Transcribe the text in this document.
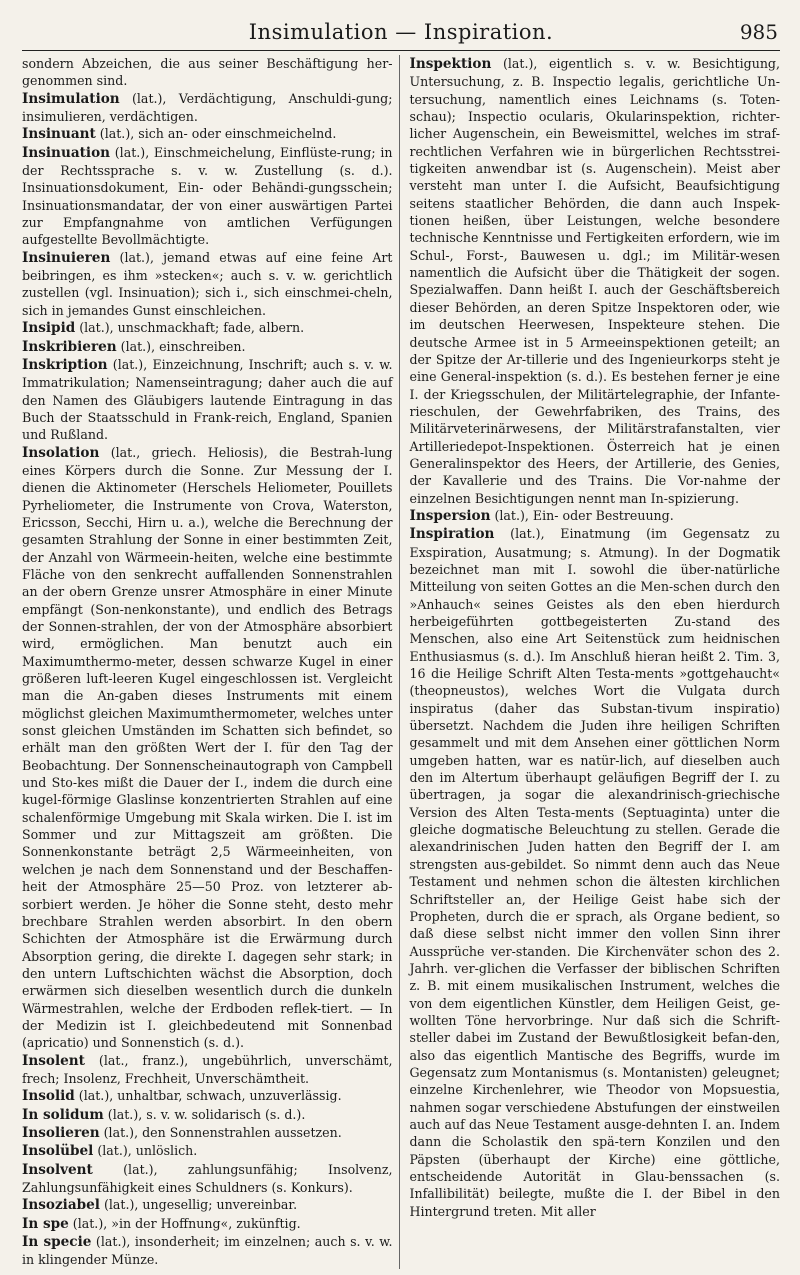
Insimulation — Inspiration.	985

sondern Abzeichen, die aus seiner Beschäftigung her-genommen sind.

Insimulation (lat.), Verdächtigung, Anschuldi-gung; insimulieren, verdächtigen.

Insinuant (lat.), sich an- oder einschmeichelnd.

Insinuation (lat.), Einschmeichelung, Einflüste-rung; in der Rechtssprache s. v. w. Zustellung (s. d.). Insinuationsdokument, Ein- oder Behändi-gungsschein; Insinuationsmandatar, der von einer auswärtigen Partei zur Empfangnahme von amtlichen Verfügungen aufgestellte Bevollmächtigte.

Insinuieren (lat.), jemand etwas auf eine feine Art beibringen, es ihm »stecken«; auch s. v. w. gerichtlich zustellen (vgl. Insinuation); sich i., sich einschmei-cheln, sich in jemandes Gunst einschleichen.

Insipid (lat.), unschmackhaft; fade, albern.

Inskribieren (lat.), einschreiben.

Inskription (lat.), Einzeichnung, Inschrift; auch s. v. w. Immatrikulation; Namenseintragung; daher auch die auf den Namen des Gläubigers lautende Eintragung in das Buch der Staatsschuld in Frank-reich, England, Spanien und Rußland.

Insolation (lat., griech. Heliosis), die Bestrah-lung eines Körpers durch die Sonne. Zur Messung der I. dienen die Aktinometer (Herschels Heliometer, Pouillets Pyrheliometer, die Instrumente von Crova, Waterston, Ericsson, Secchi, Hirn u. a.), welche die Berechnung der gesamten Strahlung der Sonne in einer bestimmten Zeit, der Anzahl von Wärmeein-heiten, welche eine bestimmte Fläche von den senkrecht auffallenden Sonnenstrahlen an der obern Grenze unsrer Atmosphäre in einer Minute empfängt (Son-nenkonstante), und endlich des Betrags der Sonnen-strahlen, der von der Atmosphäre absorbiert wird, ermöglichen. Man benutzt auch ein Maximumthermo-meter, dessen schwarze Kugel in einer größeren luft-leeren Kugel eingeschlossen ist. Vergleicht man die An-gaben dieses Instruments mit einem möglichst gleichen Maximumthermometer, welches unter sonst gleichen Umständen im Schatten sich befindet, so erhält man den größten Wert der I. für den Tag der Beobachtung. Der Sonnenscheinautograph von Campbell und Sto-kes mißt die Dauer der I., indem die durch eine kugel-förmige Glaslinse konzentrierten Strahlen auf eine schalenförmige Umgebung mit Skala wirken. Die I. ist im Sommer und zur Mittagszeit am größten. Die Sonnenkonstante beträgt 2,5 Wärmeeinheiten, von welchen je nach dem Sonnenstand und der Beschaffen-heit der Atmosphäre 25—50 Proz. von letzterer ab-sorbiert werden. Je höher die Sonne steht, desto mehr brechbare Strahlen werden absorbirt. In den obern Schichten der Atmosphäre ist die Erwärmung durch Absorption gering, die direkte I. dagegen sehr stark; in den untern Luftschichten wächst die Absorption, doch erwärmen sich dieselben wesentlich durch die dunkeln Wärmestrahlen, welche der Erdboden reflek-tiert. — In der Medizin ist I. gleichbedeutend mit Sonnenbad (apricatio) und Sonnenstich (s. d.).

Insolent (lat., franz.), ungebührlich, unverschämt, frech; Insolenz, Frechheit, Unverschämtheit.

Insolid (lat.), unhaltbar, schwach, unzuverlässig.

In solidum (lat.), s. v. w. solidarisch (s. d.).

Insolieren (lat.), den Sonnenstrahlen aussetzen.

Insolübel (lat.), unlöslich.

Insolvent (lat.), zahlungsunfähig; Insolvenz, Zahlungsunfähigkeit eines Schuldners (s. Konkurs).

Insoziabel (lat.), ungesellig; unvereinbar.

In spe (lat.), »in der Hoffnung«, zukünftig.

In specie (lat.), insonderheit; im einzelnen; auch s. v. w. in klingender Münze.

Inspektion (lat.), eigentlich s. v. w. Besichtigung, Untersuchung, z. B. Inspectio legalis, gerichtliche Un-tersuchung, namentlich eines Leichnams (s. Toten-schau); Inspectio ocularis, Okularinspektion, richter-licher Augenschein, ein Beweismittel, welches im straf-rechtlichen Verfahren wie in bürgerlichen Rechtsstrei-tigkeiten anwendbar ist (s. Augenschein). Meist aber versteht man unter I. die Aufsicht, Beaufsichtigung seitens staatlicher Behörden, die dann auch Inspek-tionen heißen, über Leistungen, welche besondere technische Kenntnisse und Fertigkeiten erfordern, wie im Schul-, Forst-, Bauwesen u. dgl.; im Militär-wesen namentlich die Aufsicht über die Thätigkeit der sogen. Spezialwaffen. Dann heißt I. auch der Geschäftsbereich dieser Behörden, an deren Spitze Inspektoren oder, wie im deutschen Heerwesen, Inspekteure stehen. Die deutsche Armee ist in 5 Armeeinspektionen geteilt; an der Spitze der Ar-tillerie und des Ingenieurkorps steht je eine General-inspektion (s. d.). Es bestehen ferner je eine I. der Kriegsschulen, der Militärtelegraphie, der Infante-rieschulen, der Gewehrfabriken, des Trains, des Militärveterinärwesens, der Militärstrafanstalten, vier Artilleriedepot-Inspektionen. Österreich hat je einen Generalinspektor des Heers, der Artillerie, des Genies, der Kavallerie und des Trains. Die Vor-nahme der einzelnen Besichtigungen nennt man In-spizierung.

Inspersion (lat.), Ein- oder Bestreuung.

Inspiration (lat.), Einatmung (im Gegensatz zu Exspiration, Ausatmung; s. Atmung). In der Dogmatik bezeichnet man mit I. sowohl die über-natürliche Mitteilung von seiten Gottes an die Men-schen durch den »Anhauch« seines Geistes als den eben hierdurch herbeigeführten gottbegeisterten Zu-stand des Menschen, also eine Art Seitenstück zum heidnischen Enthusiasmus (s. d.). Im Anschluß hieran heißt 2. Tim. 3, 16 die Heilige Schrift Alten Testa-ments »gottgehaucht« (theopneustos), welches Wort die Vulgata durch inspiratus (daher das Substan-tivum inspiratio) übersetzt. Nachdem die Juden ihre heiligen Schriften gesammelt und mit dem Ansehen einer göttlichen Norm umgeben hatten, war es natür-lich, auf dieselben auch den im Altertum überhaupt geläufigen Begriff der I. zu übertragen, ja sogar die alexandrinisch-griechische Version des Alten Testa-ments (Septuaginta) unter die gleiche dogmatische Beleuchtung zu stellen. Gerade die alexandrinischen Juden hatten den Begriff der I. am strengsten aus-gebildet. So nimmt denn auch das Neue Testament und nehmen schon die ältesten kirchlichen Schriftsteller an, der Heilige Geist habe sich der Propheten, durch die er sprach, als Organe bedient, so daß diese selbst nicht immer den vollen Sinn ihrer Aussprüche ver-standen. Die Kirchenväter schon des 2. Jahrh. ver-glichen die Verfasser der biblischen Schriften z. B. mit einem musikalischen Instrument, welches die von dem eigentlichen Künstler, dem Heiligen Geist, ge-wollten Töne hervorbringe. Nur daß sich die Schrift-steller dabei im Zustand der Bewußtlosigkeit befan-den, also das eigentlich Mantische des Begriffs, wurde im Gegensatz zum Montanismus (s. Montanisten) geleugnet; einzelne Kirchenlehrer, wie Theodor von Mopsuestia, nahmen sogar verschiedene Abstufungen der einstweilen auch auf das Neue Testament ausge-dehnten I. an. Indem dann die Scholastik den spä-tern Konzilen und den Päpsten (überhaupt der Kirche) eine göttliche, entscheidende Autorität in Glau-benssachen (s. Infallibilität) beilegte, mußte die I. der Bibel in den Hintergrund treten. Mit aller
